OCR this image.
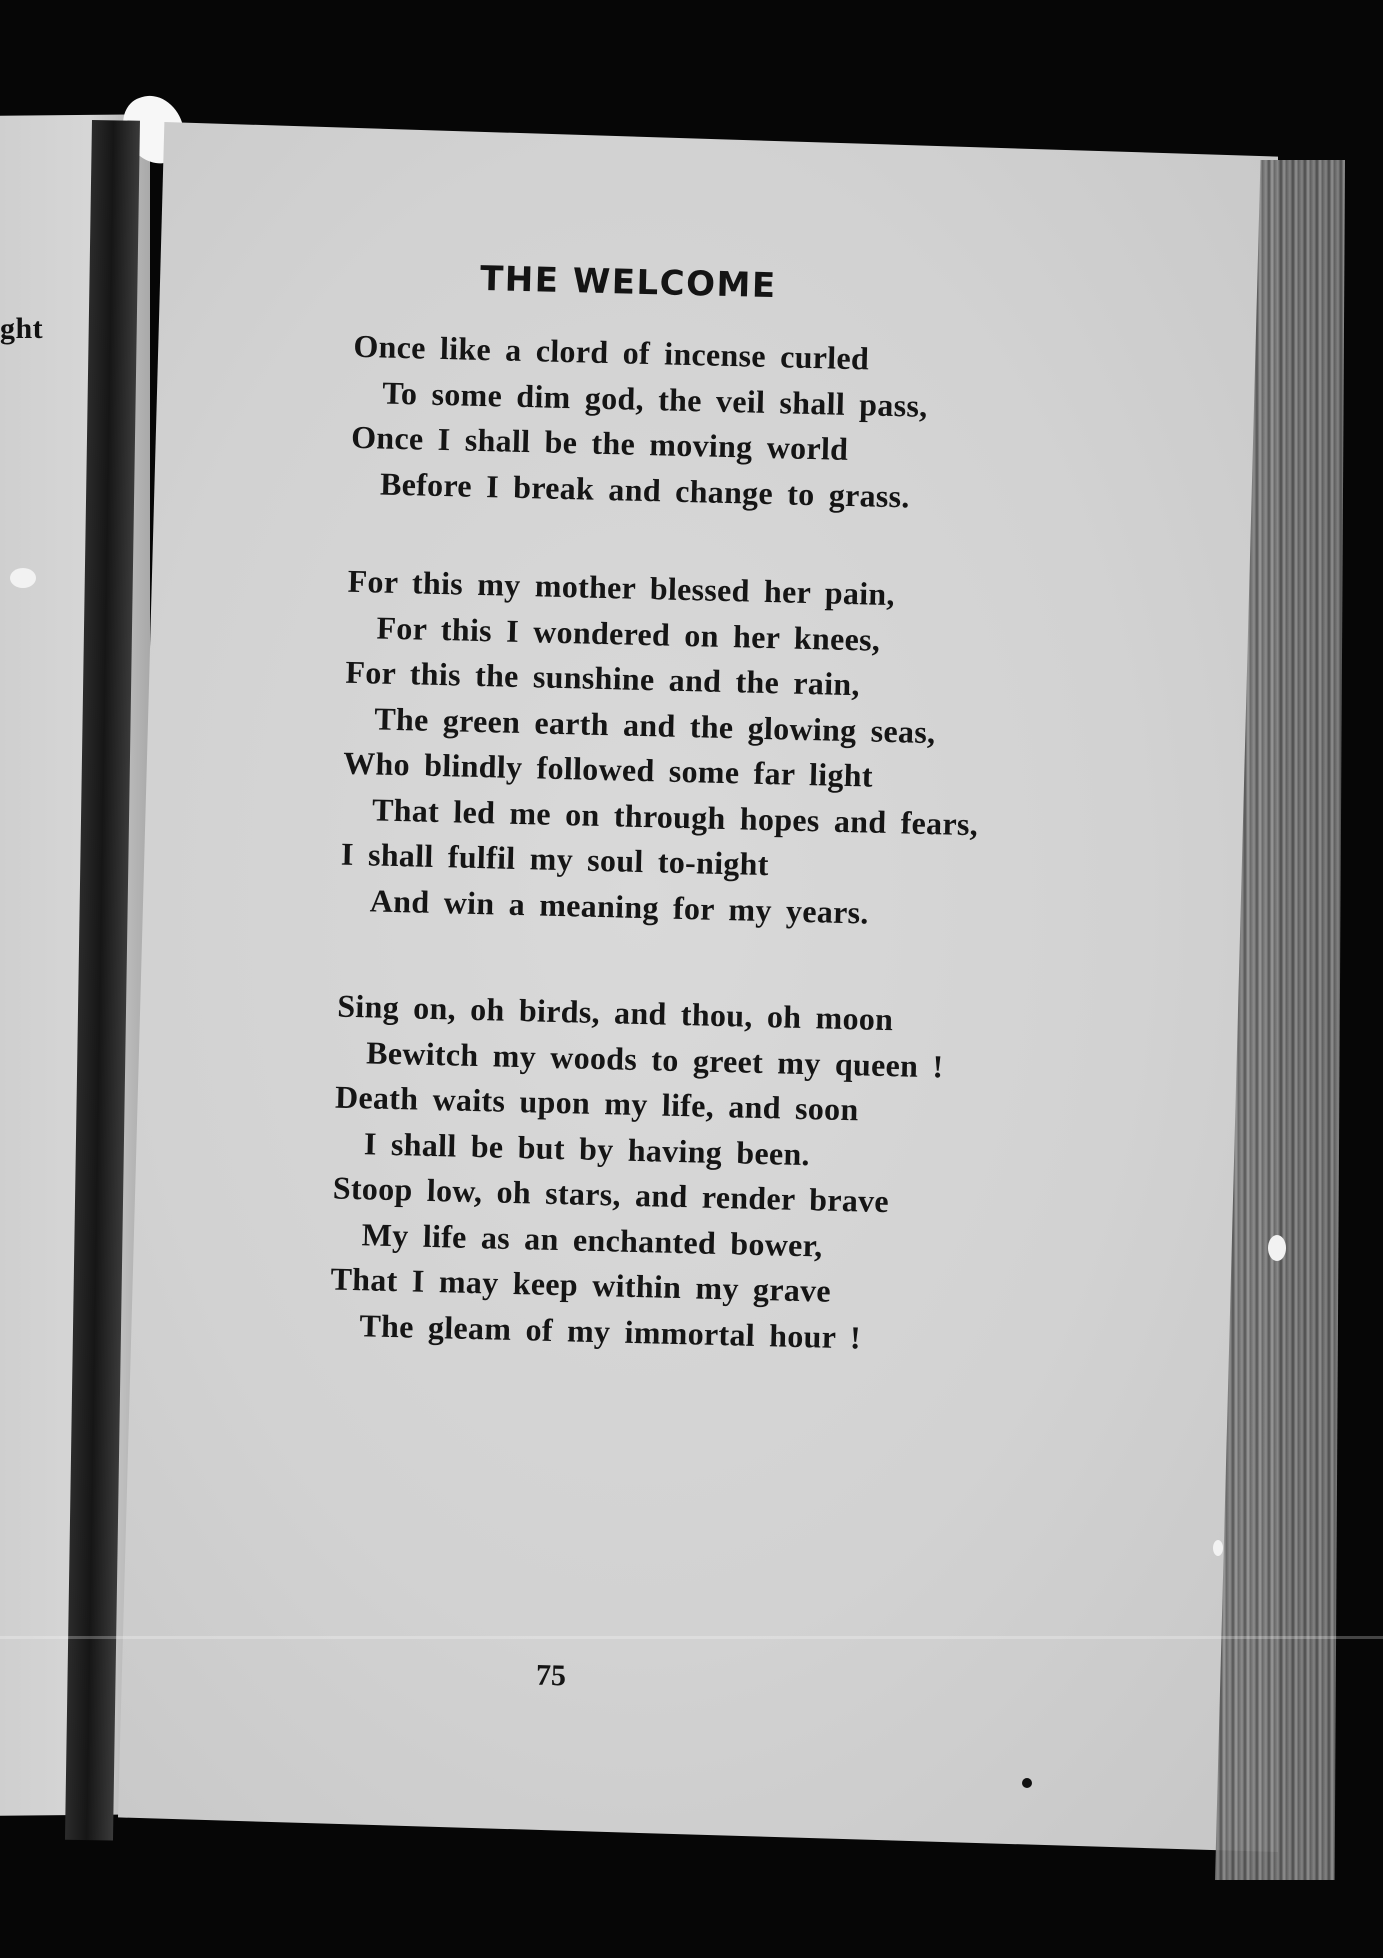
ght
THE WELCOME
Once like a clord of incense curled
To some dim god, the veil shall pass,
Once I shall be the moving world
Before I break and change to grass.
For this my mother blessed her pain,
For this I wondered on her knees,
For this the sunshine and the rain,
The green earth and the glowing seas,
Who blindly followed some far light
That led me on through hopes and fears,
I shall fulfil my soul to-night
And win a meaning for my years.
Sing on, oh birds, and thou, oh moon
Bewitch my woods to greet my queen !
Death waits upon my life, and soon
I shall be but by having been.
Stoop low, oh stars, and render brave
My life as an enchanted bower,
That I may keep within my grave
The gleam of my immortal hour !

75
